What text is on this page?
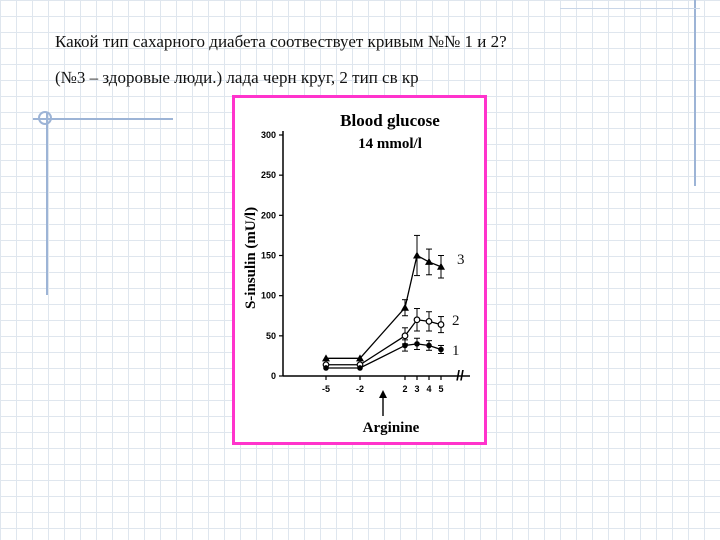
Какой тип сахарного диабета соотвествует кривым №№ 1 и 2?
(№3 – здоровые люди.) лада черн круг, 2 тип св кр
Blood glucose
14 mmol/l
S-insulin (mU/l)
0
50
100
150
200
250
300
-5	-2	2 3 4 5
//
Arginine
3
2
1
